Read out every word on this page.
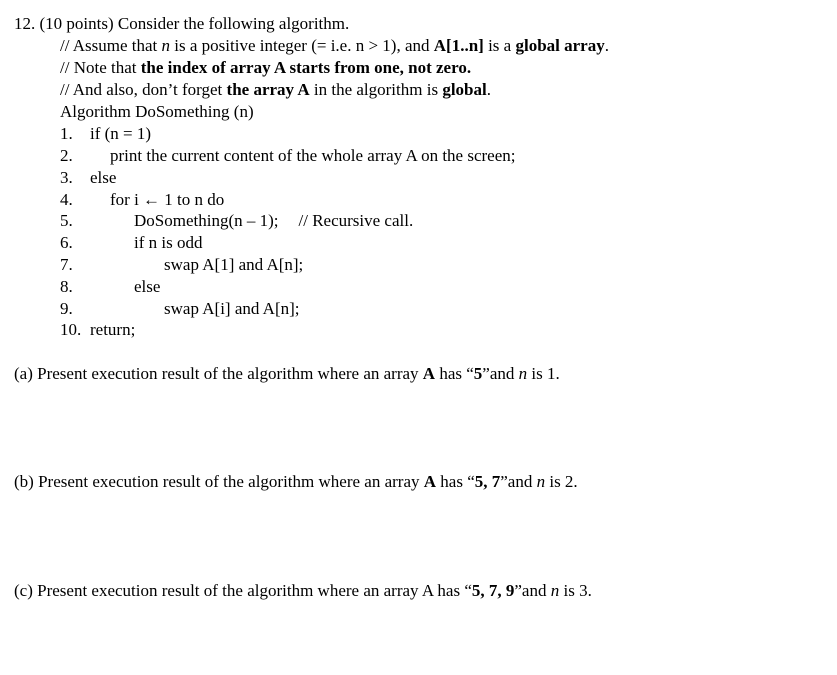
12. (10 points) Consider the following algorithm.
// Assume that n is a positive integer (= i.e. n > 1), and A[1..n] is a global array.
// Note that the index of array A starts from one, not zero.
// And also, don’t forget the array A in the algorithm is global.
Algorithm DoSomething (n)
1. if (n = 1)
2. print the current content of the whole array A on the screen;
3. else
4. for i ← 1 to n do
5.	DoSomething(n – 1); // Recursive call.
6.	if n is odd
7.	swap A[1] and A[n];
8.	else
9.	swap A[i] and A[n];
10. return;
(a) Present execution result of the algorithm where an array A has “5”and n is 1.
(b) Present execution result of the algorithm where an array A has “5, 7”and n is 2.
(c) Present execution result of the algorithm where an array A has “5, 7, 9”and n is 3.
